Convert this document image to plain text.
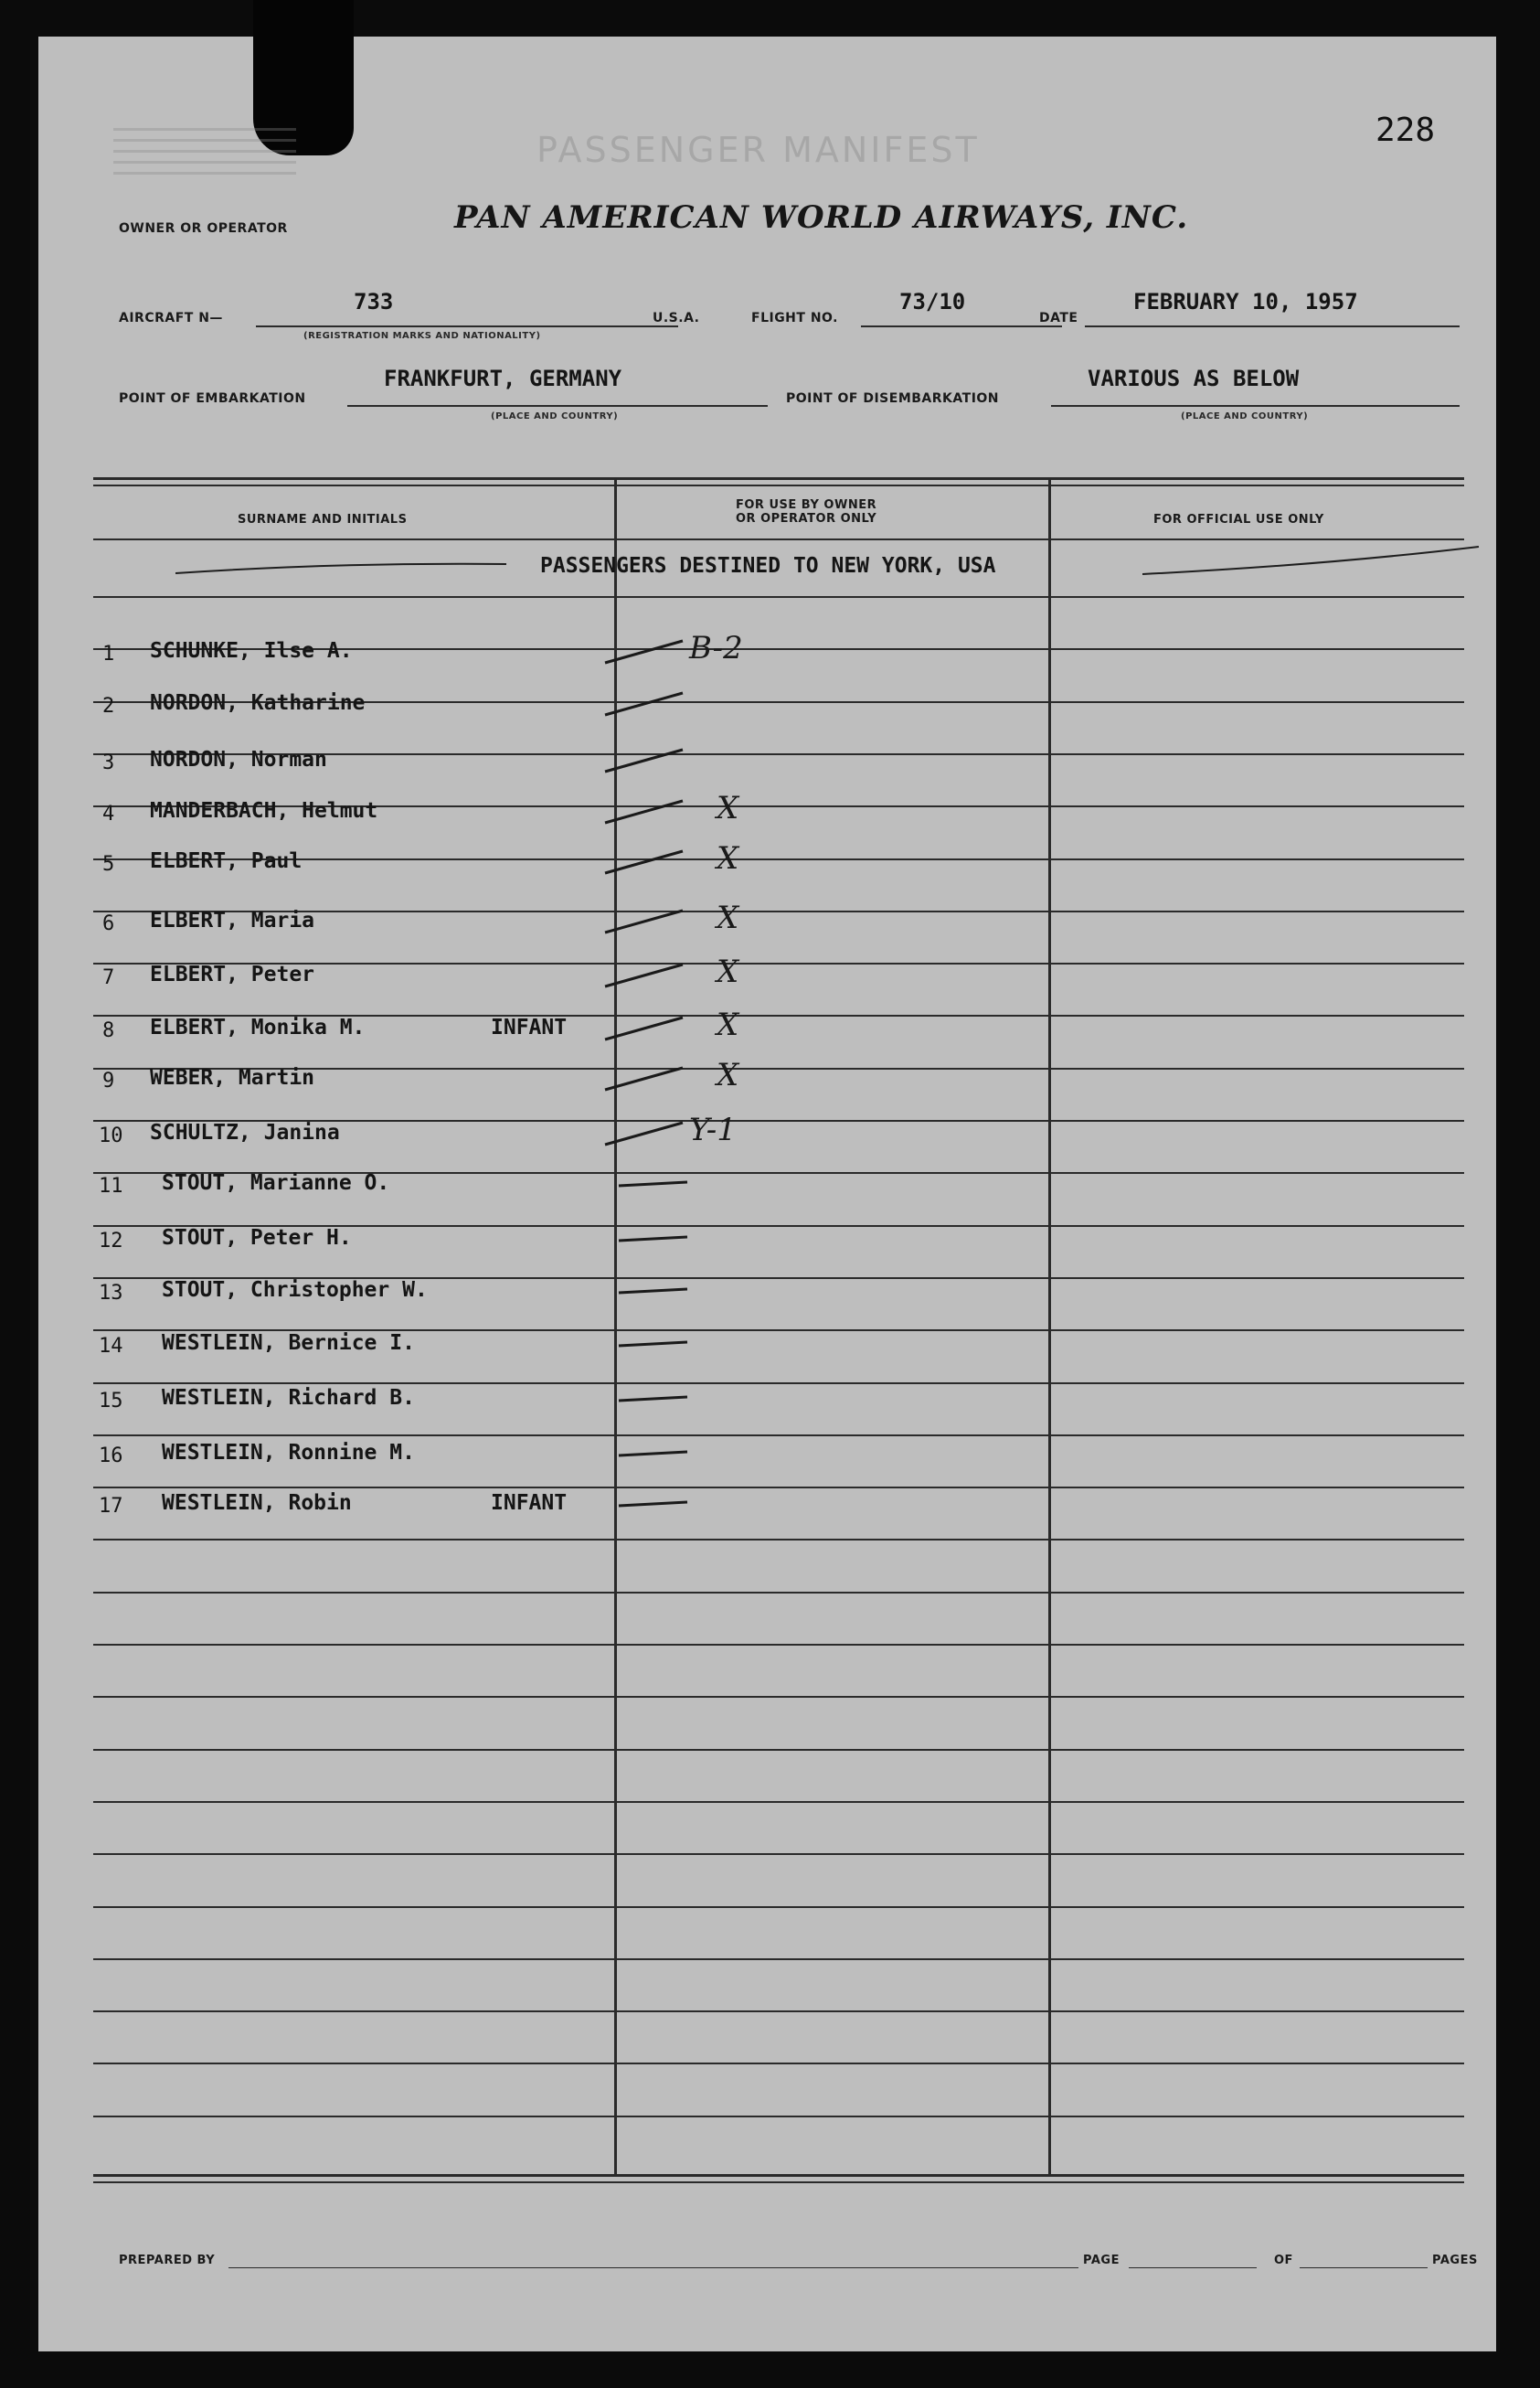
228
PASSENGER MANIFEST
OWNER OR OPERATOR	PAN AMERICAN WORLD AIRWAYS, INC.
AIRCRAFT N—
733
(REGISTRATION MARKS AND NATIONALITY)
U.S.A.	FLIGHT NO.
73/10
DATE
FEBRUARY 10, 1957
POINT OF EMBARKATION
FRANKFURT, GERMANY
(PLACE AND COUNTRY)
POINT OF DISEMBARKATION
VARIOUS AS BELOW
(PLACE AND COUNTRY)
SURNAME AND INITIALS
FOR USE BY OWNER
OR OPERATOR ONLY	FOR OFFICIAL USE ONLY
PASSENGERS DESTINED TO NEW YORK, USA
1 SCHUNKE, Ilse A.	B-2
2 NORDON, Katharine
3 NORDON, Norman
4 MANDERBACH, Helmut	X
5 ELBERT, Paul	X
6 ELBERT, Maria	X
7 ELBERT, Peter	X
8 ELBERT, Monika M.	INFANT	X
9 WEBER, Martin	X
10 SCHULTZ, Janina	Y-1
11 STOUT, Marianne O.
12 STOUT, Peter H.
13 STOUT, Christopher W.
14 WESTLEIN, Bernice I.
15 WESTLEIN, Richard B.
16 WESTLEIN, Ronnine M.
17 WESTLEIN, Robin	INFANT
PREPARED BY	PAGE	OF	PAGES
